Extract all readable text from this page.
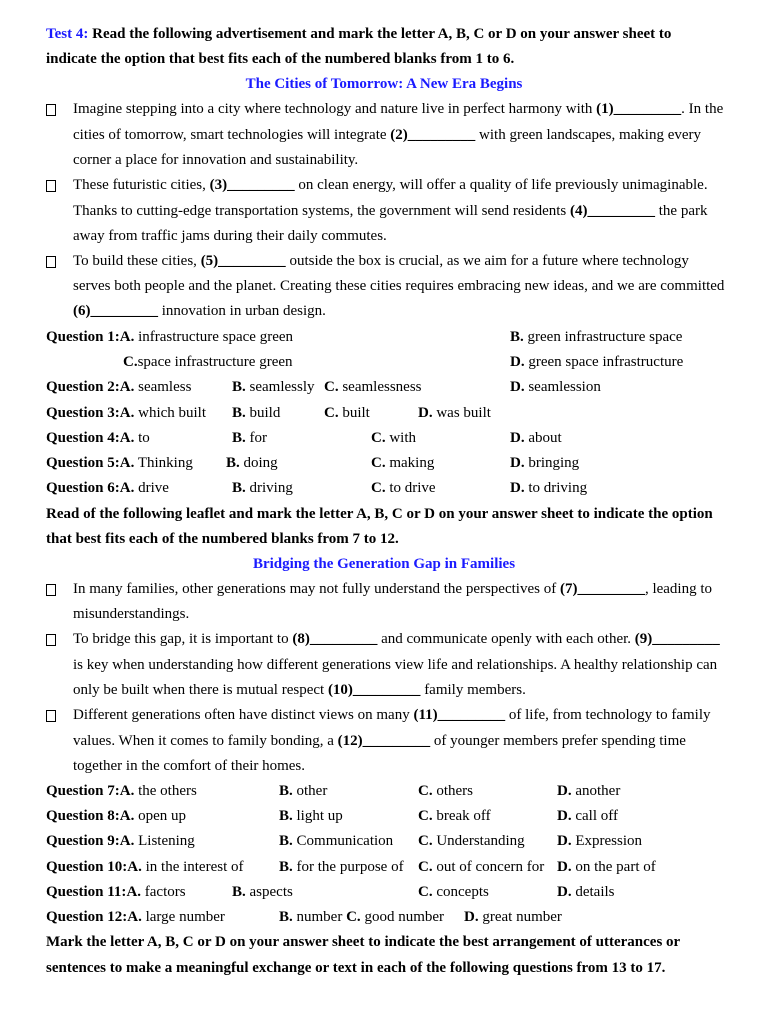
Test 4: Read the following advertisement and mark the letter A, B, C or D on your answer sheet to
indicate the option that best fits each of the numbered blanks from 1 to 6.
The Cities of Tomorrow: A New Era Begins
Imagine stepping into a city where technology and nature live in perfect harmony with (1)_________. In the
cities of tomorrow, smart technologies will integrate (2)_________ with green landscapes, making every
corner a place for innovation and sustainability.
These futuristic cities, (3)_________ on clean energy, will offer a quality of life previously unimaginable.
Thanks to cutting-edge transportation systems, the government will send residents (4)_________ the park
away from traffic jams during their daily commutes.
To build these cities, (5)_________ outside the box is crucial, as we aim for a future where technology
serves both people and the planet. Creating these cities requires embracing new ideas, and we are committed
(6)_________ innovation in urban design.
Question 1:A. infrastructure space green	B. green infrastructure space
C.space infrastructure green	D. green space infrastructure
Question 2:A. seamless	B. seamlessly C. seamlessness	D. seamlession
Question 3:A. which built B. build	C. built	D. was built
Question 4:A. to	B. for	C. with	D. about
Question 5:A. Thinking B. doing	C. making	D. bringing
Question 6:A. drive	B. driving	C. to drive	D. to driving
Read of the following leaflet and mark the letter A, B, C or D on your answer sheet to indicate the option
that best fits each of the numbered blanks from 7 to 12.
Bridging the Generation Gap in Families
In many families, other generations may not fully understand the perspectives of (7)_________, leading to
misunderstandings.
To bridge this gap, it is important to (8)_________ and communicate openly with each other. (9)_________
is key when understanding how different generations view life and relationships. A healthy relationship can
only be built when there is mutual respect (10)_________ family members.
Different generations often have distinct views on many (11)_________ of life, from technology to family
values. When it comes to family bonding, a (12)_________ of younger members prefer spending time
together in the comfort of their homes.
Question 7:A. the others	B. other	C. others	D. another
Question 8:A. open up	B. light up	C. break off	D. call off
Question 9:A. Listening	B. Communication C. Understanding D. Expression
Question 10:A. in the interest of B. for the purpose of C. out of concern for D. on the part of
Question 11:A. factors	B. aspects	C. concepts	D. details
Question 12:A. large number	B. number C. good number D. great number
Mark the letter A, B, C or D on your answer sheet to indicate the best arrangement of utterances or
sentences to make a meaningful exchange or text in each of the following questions from 13 to 17.
